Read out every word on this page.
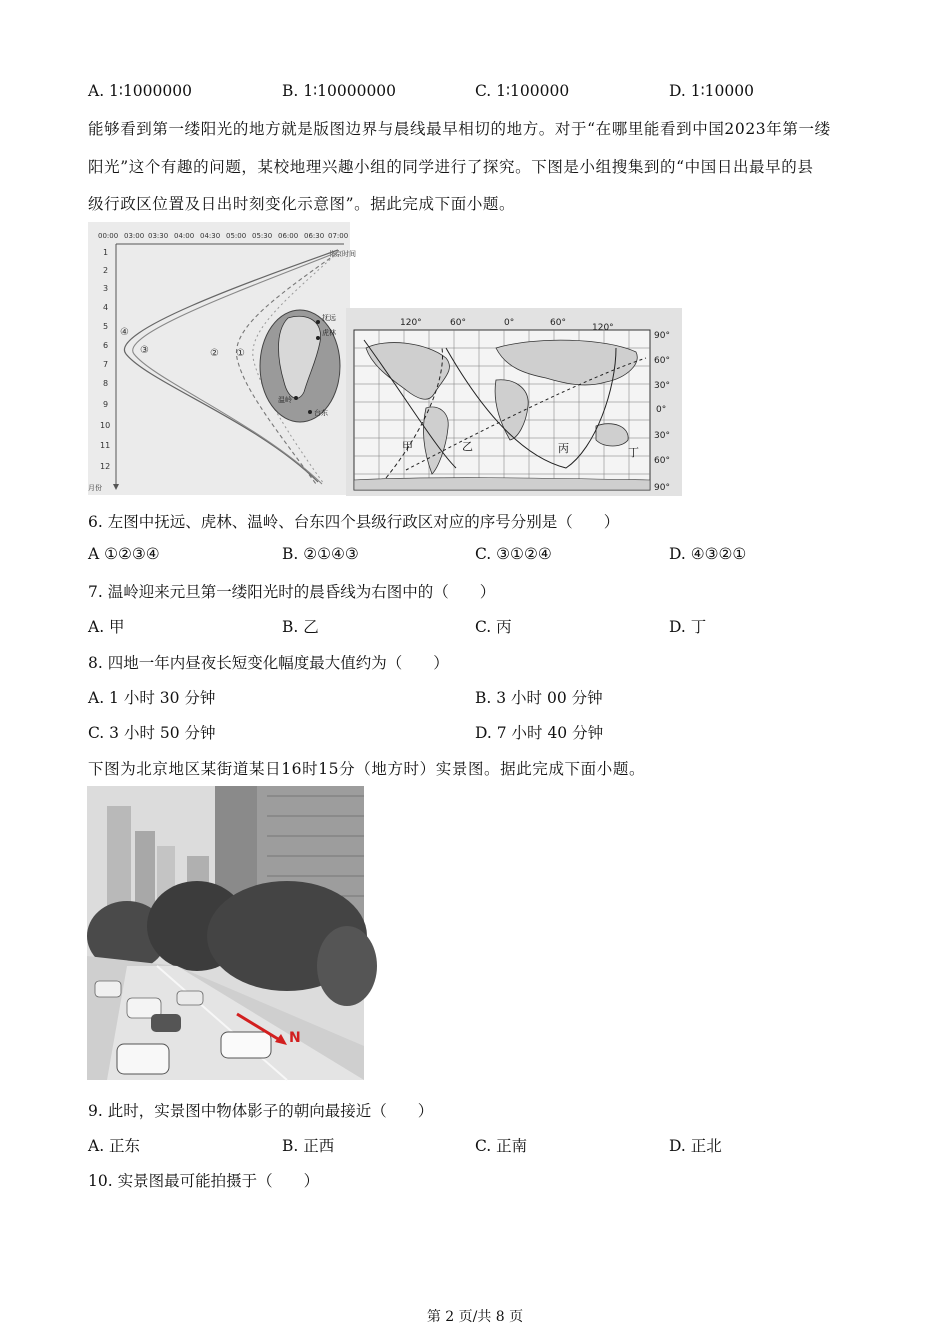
A. 1∶1000000	B. 1∶10000000	C. 1∶100000	D. 1∶10000
能够看到第一缕阳光的地方就是版图边界与晨线最早相切的地方。对于“在哪里能看到中国2023年第一缕
阳光”这个有趣的问题，某校地理兴趣小组的同学进行了探究。下图是小组搜集到的“中国日出最早的县
级行政区位置及日出时刻变化示意图”。据此完成下面小题。
00:00 03:00 03:30 04:00 04:30 05:00 05:30 06:00 06:30 07:00
1
2
3
4
5
6
7
8
9
10
11
12
月份
北京时间
④
③	② ①
抚远
虎林
温岭
台东
120°	60°	0°	60°	120°
90°
60°
30°
0°
30°
60°
90°
甲	乙	丙	丁
6. 左图中抚远、虎林、温岭、台东四个县级行政区对应的序号分别是（　　）
A ①②③④	B. ②①④③	C. ③①②④	D. ④③②①
7. 温岭迎来元旦第一缕阳光时的晨昏线为右图中的（　　）
A. 甲	B. 乙	C. 丙	D. 丁
8. 四地一年内昼夜长短变化幅度最大值约为（　　）
A. 1 小时 30 分钟	B. 3 小时 00 分钟
C. 3 小时 50 分钟	D. 7 小时 40 分钟
下图为北京地区某街道某日16时15分（地方时）实景图。据此完成下面小题。
N
9. 此时，实景图中物体影子的朝向最接近（　　）
A. 正东	B. 正西	C. 正南	D. 正北
10. 实景图最可能拍摄于（　　）
第 2 页/共 8 页
